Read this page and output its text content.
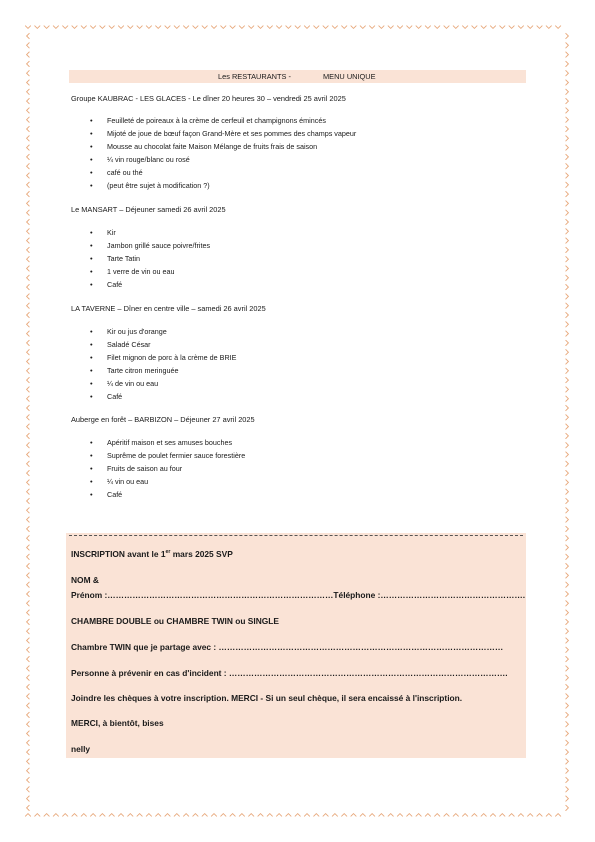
Les RESTAURANTS -	MENU UNIQUE
Groupe KAUBRAC - LES GLACES - Le dîner 20 heures 30 – vendredi 25 avril 2025
• Feuilleté de poireaux à la crème de cerfeuil et champignons émincés
• Mijoté de joue de bœuf façon Grand-Mère et ses pommes des champs vapeur
• Mousse au chocolat faite Maison Mélange de fruits frais de saison
• ¼ vin rouge/blanc ou rosé
• café ou thé
• (peut être sujet à modification ?)
Le MANSART – Déjeuner samedi 26 avril 2025
• Kir
• Jambon grillé sauce poivre/frites
• Tarte Tatin
• 1 verre de vin ou eau
• Café
LA TAVERNE – Dîner en centre ville – samedi 26 avril 2025
• Kir ou jus d'orange
• Saladé César
• Filet mignon de porc à la crème de BRIE
• Tarte citron meringuée
• ¼ de vin ou eau
• Café
Auberge en forêt – BARBIZON – Déjeuner 27 avril 2025
• Apéritif maison et ses amuses bouches
• Suprême de poulet fermier sauce forestière
• Fruits de saison au four
• ¼ vin ou eau
• Café
INSCRIPTION avant le 1er mars 2025 SVP
NOM &
Prénom :………………………………………………………………………Téléphone :…………………………………………….
CHAMBRE DOUBLE ou CHAMBRE TWIN ou SINGLE
Chambre TWIN que je partage avec : …………………………………………………………………………………………
Personne à prévenir en cas d'incident : ……………………………………………………………………………………….
Joindre les chèques à votre inscription. MERCI - Si un seul chèque, il sera encaissé à l'inscription.
MERCI, à bientôt, bises
nelly
